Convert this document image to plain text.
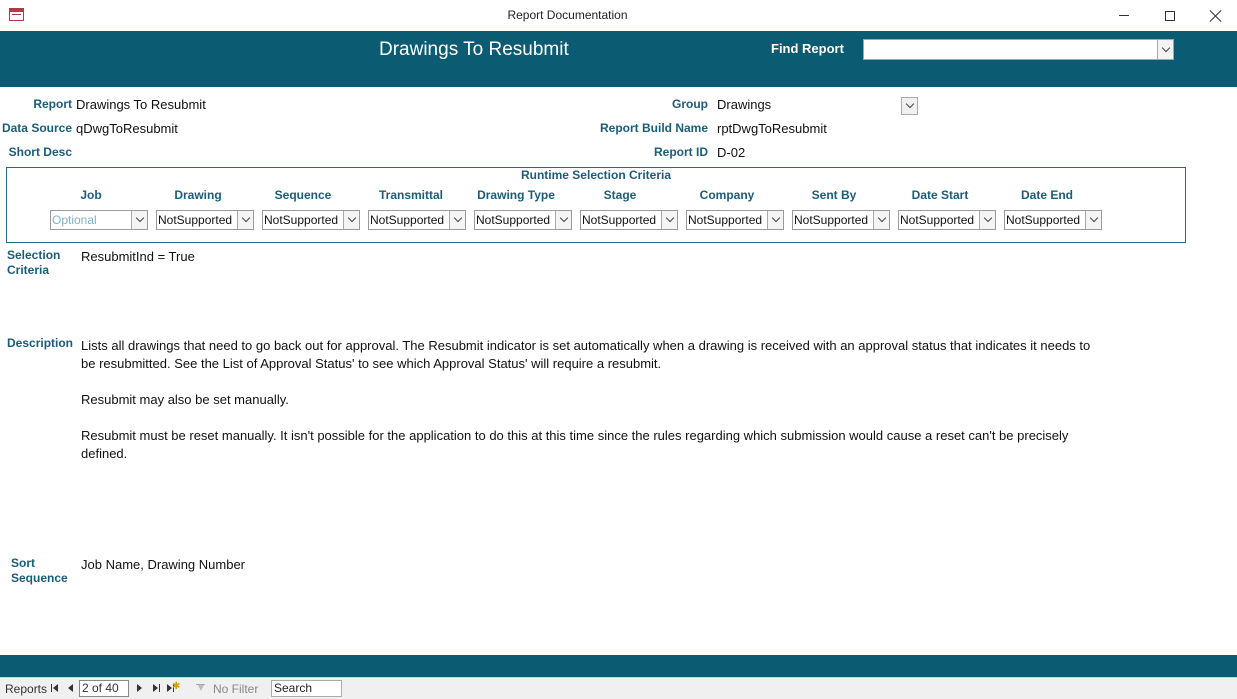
Report Documentation
Drawings To Resubmit	Find Report
Report Drawings To Resubmit
Data Source qDwgToResubmit
Short Desc
Group Drawings
Report Build Name rptDwgToResubmit
Report ID D-02
Runtime Selection Criteria
Job	Drawing	Sequence	Transmittal	Drawing Type	Stage	Company	Sent By	Date Start	Date End
Optional	NotSupported	NotSupported	NotSupported	NotSupported	NotSupported	NotSupported	NotSupported	NotSupported	NotSupported
Selection
Criteria
ResubmitInd = True
Description Lists all drawings that need to go back out for approval. The Resubmit indicator is set automatically when a drawing is received with an approval status that indicates it needs to
be resubmitted. See the List of Approval Status' to see which Approval Status' will require a resubmit.
Resubmit may also be set manually.
Resubmit must be reset manually. It isn't possible for the application to do this at this time since the rules regarding which submission would cause a reset can't be precisely
defined.
Sort
Sequence
Job Name, Drawing Number
Reports	2 of 40	✱	No Filter Search
